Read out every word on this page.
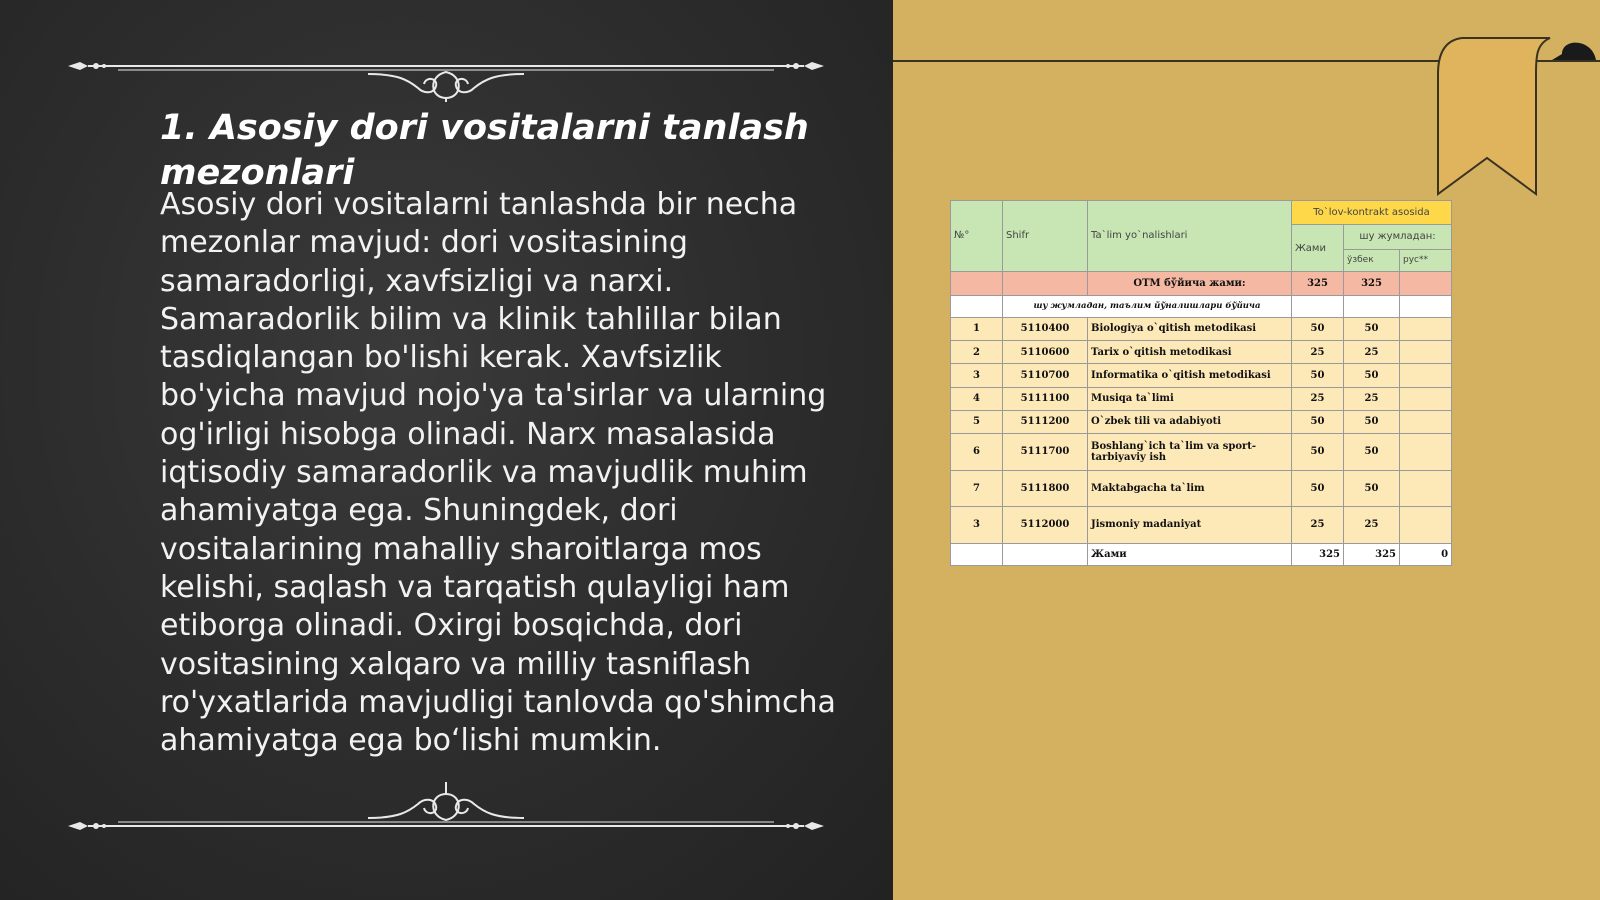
1. Asosiy dori vositalarni tanlash mezonlari
Asosiy dori vositalarni tanlashda bir necha mezonlar mavjud: dori vositasining samaradorligi, xavfsizligi va narxi. Samaradorlik bilim va klinik tahlillar bilan tasdiqlangan bo'lishi kerak. Xavfsizlik bo'yicha mavjud nojo'ya ta'sirlar va ularning og'irligi hisobga olinadi. Narx masalasida iqtisodiy samaradorlik va mavjudlik muhim ahamiyatga ega. Shuningdek, dori vositalarining mahalliy sharoitlarga mos kelishi, saqlash va tarqatish qulayligi ham etiborga olinadi. Oxirgi bosqichda, dori vositasining xalqaro va milliy tasniflash ro'yxatlarida mavjudligi tanlovda qo'shimcha ahamiyatga ega bo‘lishi mumkin.
№°	Shifr	Ta`lim yo`nalishlari	To`lov-kontrakt asosida		
			Жами	шу жумладан:	
				ўзбек	рус**
		ОТМ бўйича жами:	325	325	
	шу жумладан, таълим йўналишлари бўйича				
1	5110400	Biologiya o`qitish metodikasi	50	50	
2	5110600	Tarix o`qitish metodikasi	25	25	
3	5110700	Informatika o`qitish metodikasi	50	50	
4	5111100	Musiqa ta`limi	25	25	
5	5111200	O`zbek tili va adabiyoti	50	50	
6	5111700	Boshlang`ich ta`lim va sport-tarbiyaviy ish	50	50	
7	5111800	Maktabgacha ta`lim	50	50	
3	5112000	Jismoniy madaniyat	25	25	
		Жами	325	325	0
